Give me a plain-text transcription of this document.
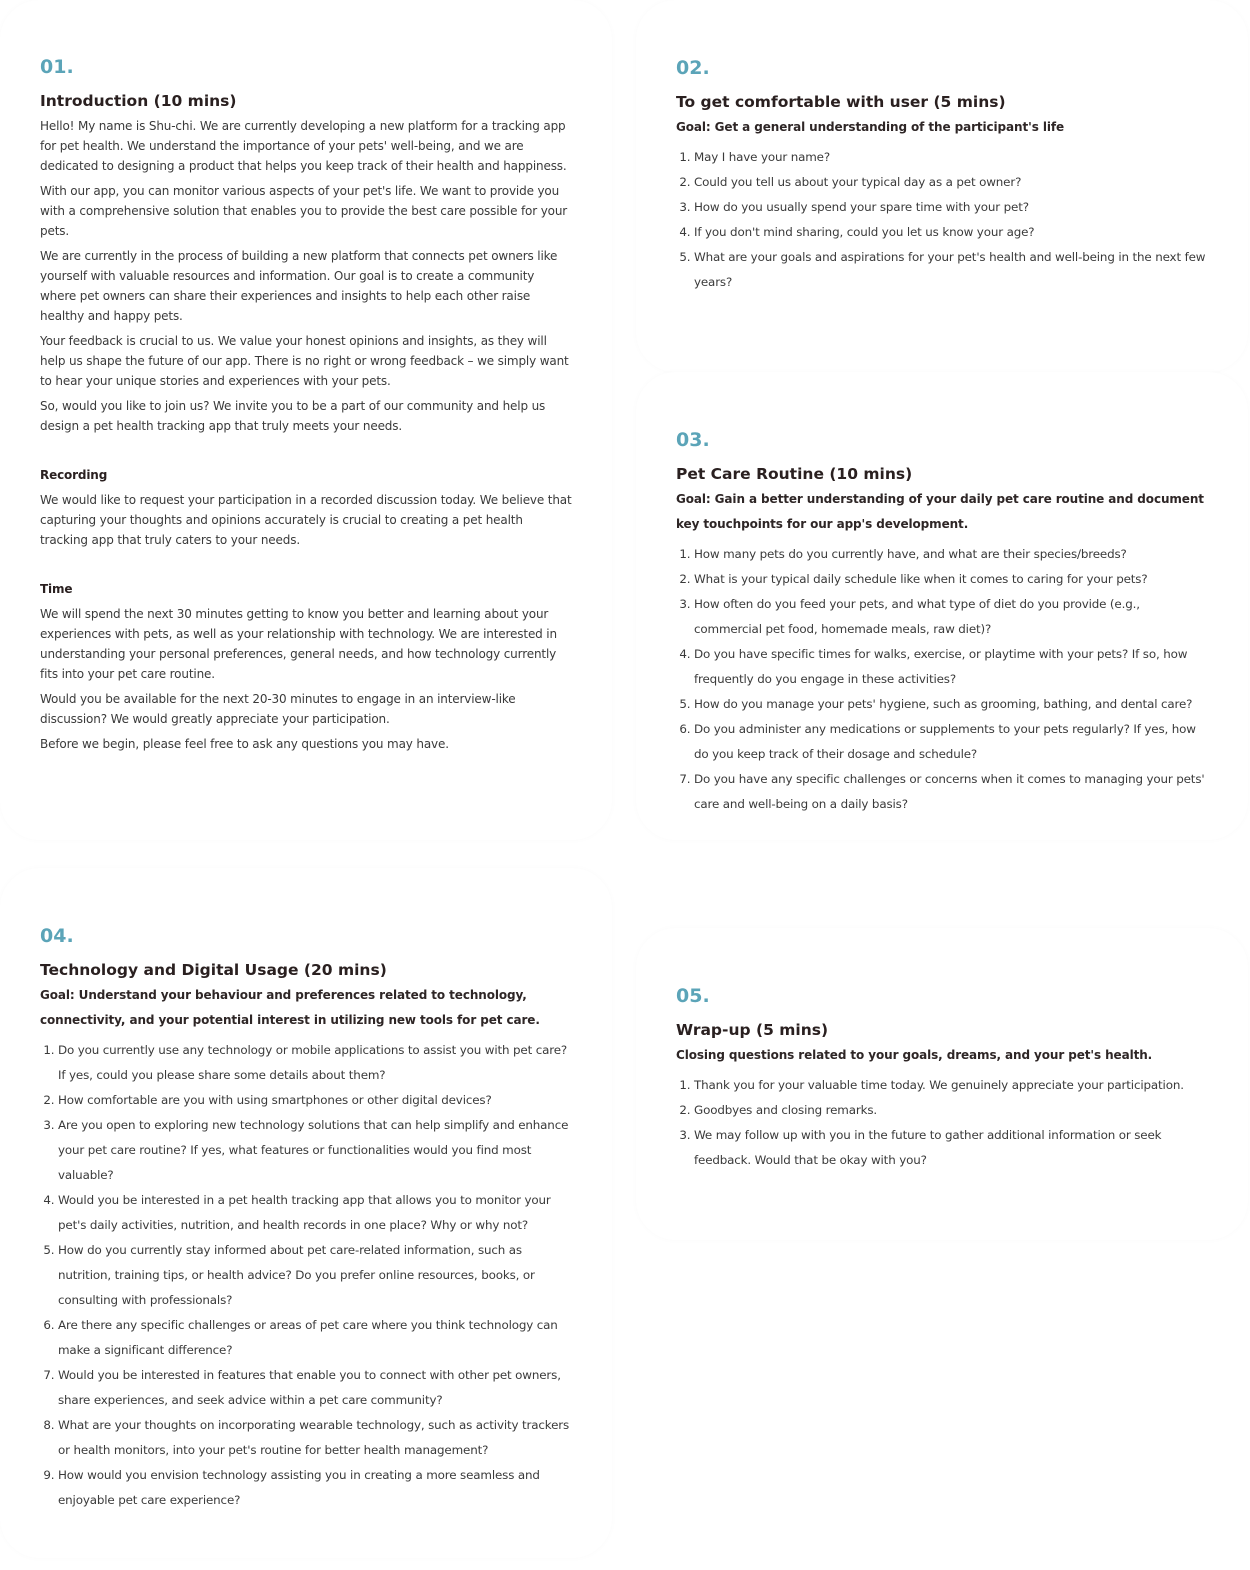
01.

Introduction (10 mins)

Hello! My name is Shu-chi. We are currently developing a new platform for a tracking app for pet health. We understand the importance of your pets' well-being, and we are dedicated to designing a product that helps you keep track of their health and happiness.

With our app, you can monitor various aspects of your pet's life. We want to provide you with a comprehensive solution that enables you to provide the best care possible for your pets.

We are currently in the process of building a new platform that connects pet owners like yourself with valuable resources and information. Our goal is to create a community where pet owners can share their experiences and insights to help each other raise healthy and happy pets.

Your feedback is crucial to us. We value your honest opinions and insights, as they will help us shape the future of our app. There is no right or wrong feedback – we simply want to hear your unique stories and experiences with your pets.

So, would you like to join us? We invite you to be a part of our community and help us design a pet health tracking app that truly meets your needs.

Recording

We would like to request your participation in a recorded discussion today. We believe that capturing your thoughts and opinions accurately is crucial to creating a pet health tracking app that truly caters to your needs.

Time

We will spend the next 30 minutes getting to know you better and learning about your experiences with pets, as well as your relationship with technology. We are interested in understanding your personal preferences, general needs, and how technology currently fits into your pet care routine.

Would you be available for the next 20-30 minutes to engage in an interview-like discussion? We would greatly appreciate your participation.

Before we begin, please feel free to ask any questions you may have.

02.

To get comfortable with user (5 mins)

Goal: Get a general understanding of the participant's life

1. May I have your name?
2. Could you tell us about your typical day as a pet owner?
3. How do you usually spend your spare time with your pet?
4. If you don't mind sharing, could you let us know your age?
5. What are your goals and aspirations for your pet's health and well-being in the next few years?

03.

Pet Care Routine (10 mins)

Goal: Gain a better understanding of your daily pet care routine and document key touchpoints for our app's development.

1. How many pets do you currently have, and what are their species/breeds?
2. What is your typical daily schedule like when it comes to caring for your pets?
3. How often do you feed your pets, and what type of diet do you provide (e.g., commercial pet food, homemade meals, raw diet)?
4. Do you have specific times for walks, exercise, or playtime with your pets? If so, how frequently do you engage in these activities?
5. How do you manage your pets' hygiene, such as grooming, bathing, and dental care?
6. Do you administer any medications or supplements to your pets regularly? If yes, how do you keep track of their dosage and schedule?
7. Do you have any specific challenges or concerns when it comes to managing your pets' care and well-being on a daily basis?

04.

Technology and Digital Usage (20 mins)

Goal: Understand your behaviour and preferences related to technology, connectivity, and your potential interest in utilizing new tools for pet care.

1. Do you currently use any technology or mobile applications to assist you with pet care? If yes, could you please share some details about them?
2. How comfortable are you with using smartphones or other digital devices?
3. Are you open to exploring new technology solutions that can help simplify and enhance your pet care routine? If yes, what features or functionalities would you find most valuable?
4. Would you be interested in a pet health tracking app that allows you to monitor your pet's daily activities, nutrition, and health records in one place? Why or why not?
5. How do you currently stay informed about pet care-related information, such as nutrition, training tips, or health advice? Do you prefer online resources, books, or consulting with professionals?
6. Are there any specific challenges or areas of pet care where you think technology can make a significant difference?
7. Would you be interested in features that enable you to connect with other pet owners, share experiences, and seek advice within a pet care community?
8. What are your thoughts on incorporating wearable technology, such as activity trackers or health monitors, into your pet's routine for better health management?
9. How would you envision technology assisting you in creating a more seamless and enjoyable pet care experience?

05.

Wrap-up (5 mins)

Closing questions related to your goals, dreams, and your pet's health.

1. Thank you for your valuable time today. We genuinely appreciate your participation.
2. Goodbyes and closing remarks.
3. We may follow up with you in the future to gather additional information or seek feedback. Would that be okay with you?
